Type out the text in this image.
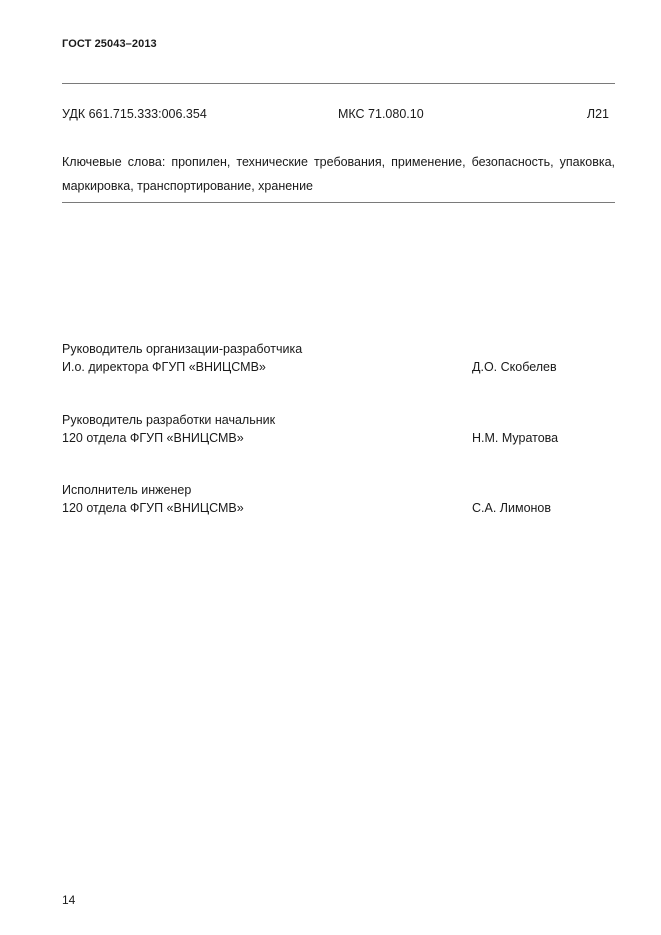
ГОСТ 25043–2013
УДК 661.715.333:006.354	МКС 71.080.10	Л21
Ключевые слова: пропилен, технические требования, применение, безопасность, упаковка, маркировка, транспортирование, хранение
Руководитель организации-разработчика
И.о. директора ФГУП «ВНИЦСМВ»	Д.О. Скобелев
Руководитель разработки начальник
120 отдела ФГУП «ВНИЦСМВ»	Н.М. Муратова
Исполнитель инженер
120 отдела ФГУП «ВНИЦСМВ»	С.А. Лимонов
14
